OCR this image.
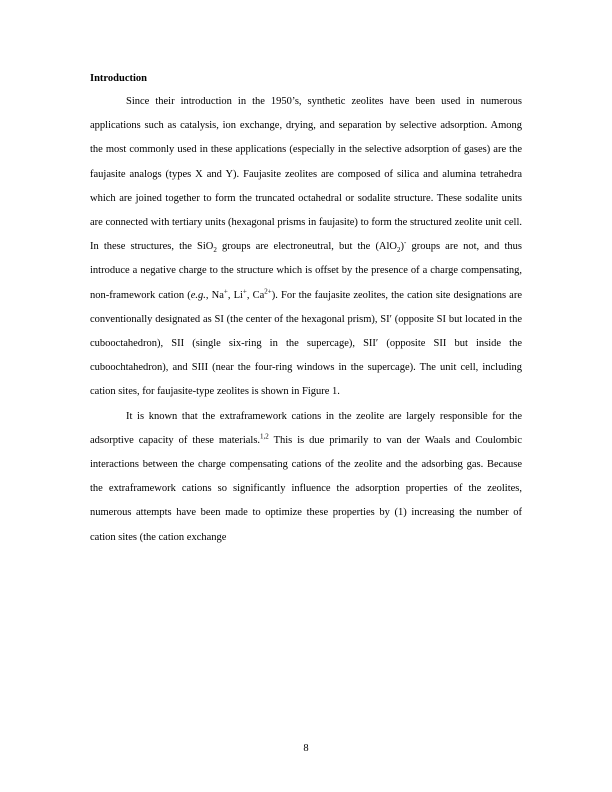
Introduction

Since their introduction in the 1950’s, synthetic zeolites have been used in numerous applications such as catalysis, ion exchange, drying, and separation by selective adsorption. Among the most commonly used in these applications (especially in the selective adsorption of gases) are the faujasite analogs (types X and Y). Faujasite zeolites are composed of silica and alumina tetrahedra which are joined together to form the truncated octahedral or sodalite structure. These sodalite units are connected with tertiary units (hexagonal prisms in faujasite) to form the structured zeolite unit cell. In these structures, the SiO$_2$ groups are electroneutral, but the (AlO$_2$)- groups are not, and thus introduce a negative charge to the structure which is offset by the presence of a charge compensating, non-framework cation (e.g., Na+, Li+, $Ca^{2+}$). For the faujasite zeolites, the cation site designations are conventionally designated as SI (the center of the hexagonal prism), SI′ (opposite SI but located in the cubooctahedron), SII (single six-ring in the supercage), SII′ (opposite SII but inside the cuboochtahedron), and SIII (near the four-ring windows in the supercage). The unit cell, including cation sites, for faujasite-type zeolites is shown in Figure 1.

It is known that the extraframework cations in the zeolite are largely responsible for the adsorptive capacity of these materials.$^{1,2}$ This is due primarily to van der Waals and Coulombic interactions between the charge compensating cations of the zeolite and the adsorbing gas. Because the extraframework cations so significantly influence the adsorption properties of the zeolites, numerous attempts have been made to optimize these properties by (1) increasing the number of cation sites (the cation exchange

8
